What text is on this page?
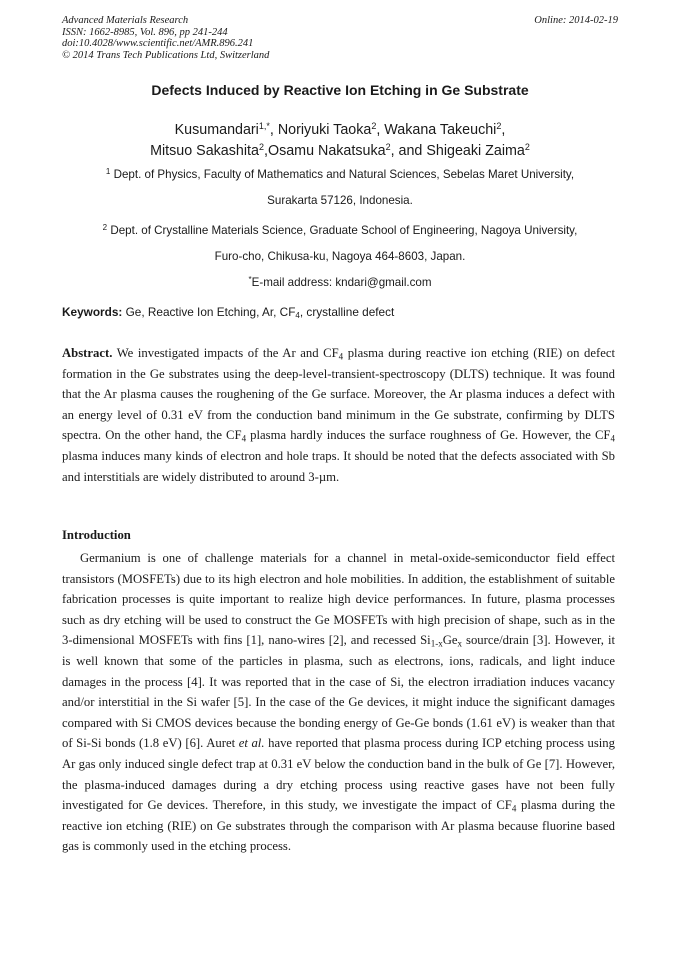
Advanced Materials Research
ISSN: 1662-8985, Vol. 896, pp 241-244
doi:10.4028/www.scientific.net/AMR.896.241
© 2014 Trans Tech Publications Ltd, Switzerland
Online: 2014-02-19
Defects Induced by Reactive Ion Etching in Ge Substrate
Kusumandari$^{1,*}$, Noriyuki Taoka$^2$, Wakana Takeuchi$^2$,
Mitsuo Sakashita$^2$,Osamu Nakatsuka$^2$, and Shigeaki Zaima$^2$
$^1$ Dept. of Physics, Faculty of Mathematics and Natural Sciences, Sebelas Maret University,
Surakarta 57126, Indonesia.
$^2$ Dept. of Crystalline Materials Science, Graduate School of Engineering, Nagoya University,
Furo-cho, Chikusa-ku, Nagoya 464-8603, Japan.
*E-mail address: kndari@gmail.com
Keywords: Ge, Reactive Ion Etching, Ar, $CF_4$, crystalline defect
Abstract. We investigated impacts of the Ar and $CF_4$ plasma during reactive ion etching (RIE) on defect formation in the Ge substrates using the deep-level-transient-spectroscopy (DLTS) technique. It was found that the Ar plasma causes the roughening of the Ge surface. Moreover, the Ar plasma induces a defect with an energy level of 0.31 eV from the conduction band minimum in the Ge substrate, confirming by DLTS spectra. On the other hand, the $CF_4$ plasma hardly induces the surface roughness of Ge. However, the $CF_4$ plasma induces many kinds of electron and hole traps. It should be noted that the defects associated with Sb and interstitials are widely distributed to around 3-µm.
Introduction
Germanium is one of challenge materials for a channel in metal-oxide-semiconductor field effect transistors (MOSFETs) due to its high electron and hole mobilities. In addition, the establishment of suitable fabrication processes is quite important to realize high device performances. In future, plasma processes such as dry etching will be used to construct the Ge MOSFETs with high precision of shape, such as in the 3-dimensional MOSFETs with fins [1], nano-wires [2], and recessed $Si_{1-x}Ge_x$ source/drain [3]. However, it is well known that some of the particles in plasma, such as electrons, ions, radicals, and light induce damages in the process [4]. It was reported that in the case of Si, the electron irradiation induces vacancy and/or interstitial in the Si wafer [5]. In the case of the Ge devices, it might induce the significant damages compared with Si CMOS devices because the bonding energy of Ge-Ge bonds (1.61 eV) is weaker than that of Si-Si bonds (1.8 eV) [6]. Auret et al. have reported that plasma process during ICP etching process using Ar gas only induced single defect trap at 0.31 eV below the conduction band in the bulk of Ge [7]. However, the plasma-induced damages during a dry etching process using reactive gases have not been fully investigated for Ge devices. Therefore, in this study, we investigate the impact of $CF_4$ plasma during the reactive ion etching (RIE) on Ge substrates through the comparison with Ar plasma because fluorine based gas is commonly used in the etching process.
